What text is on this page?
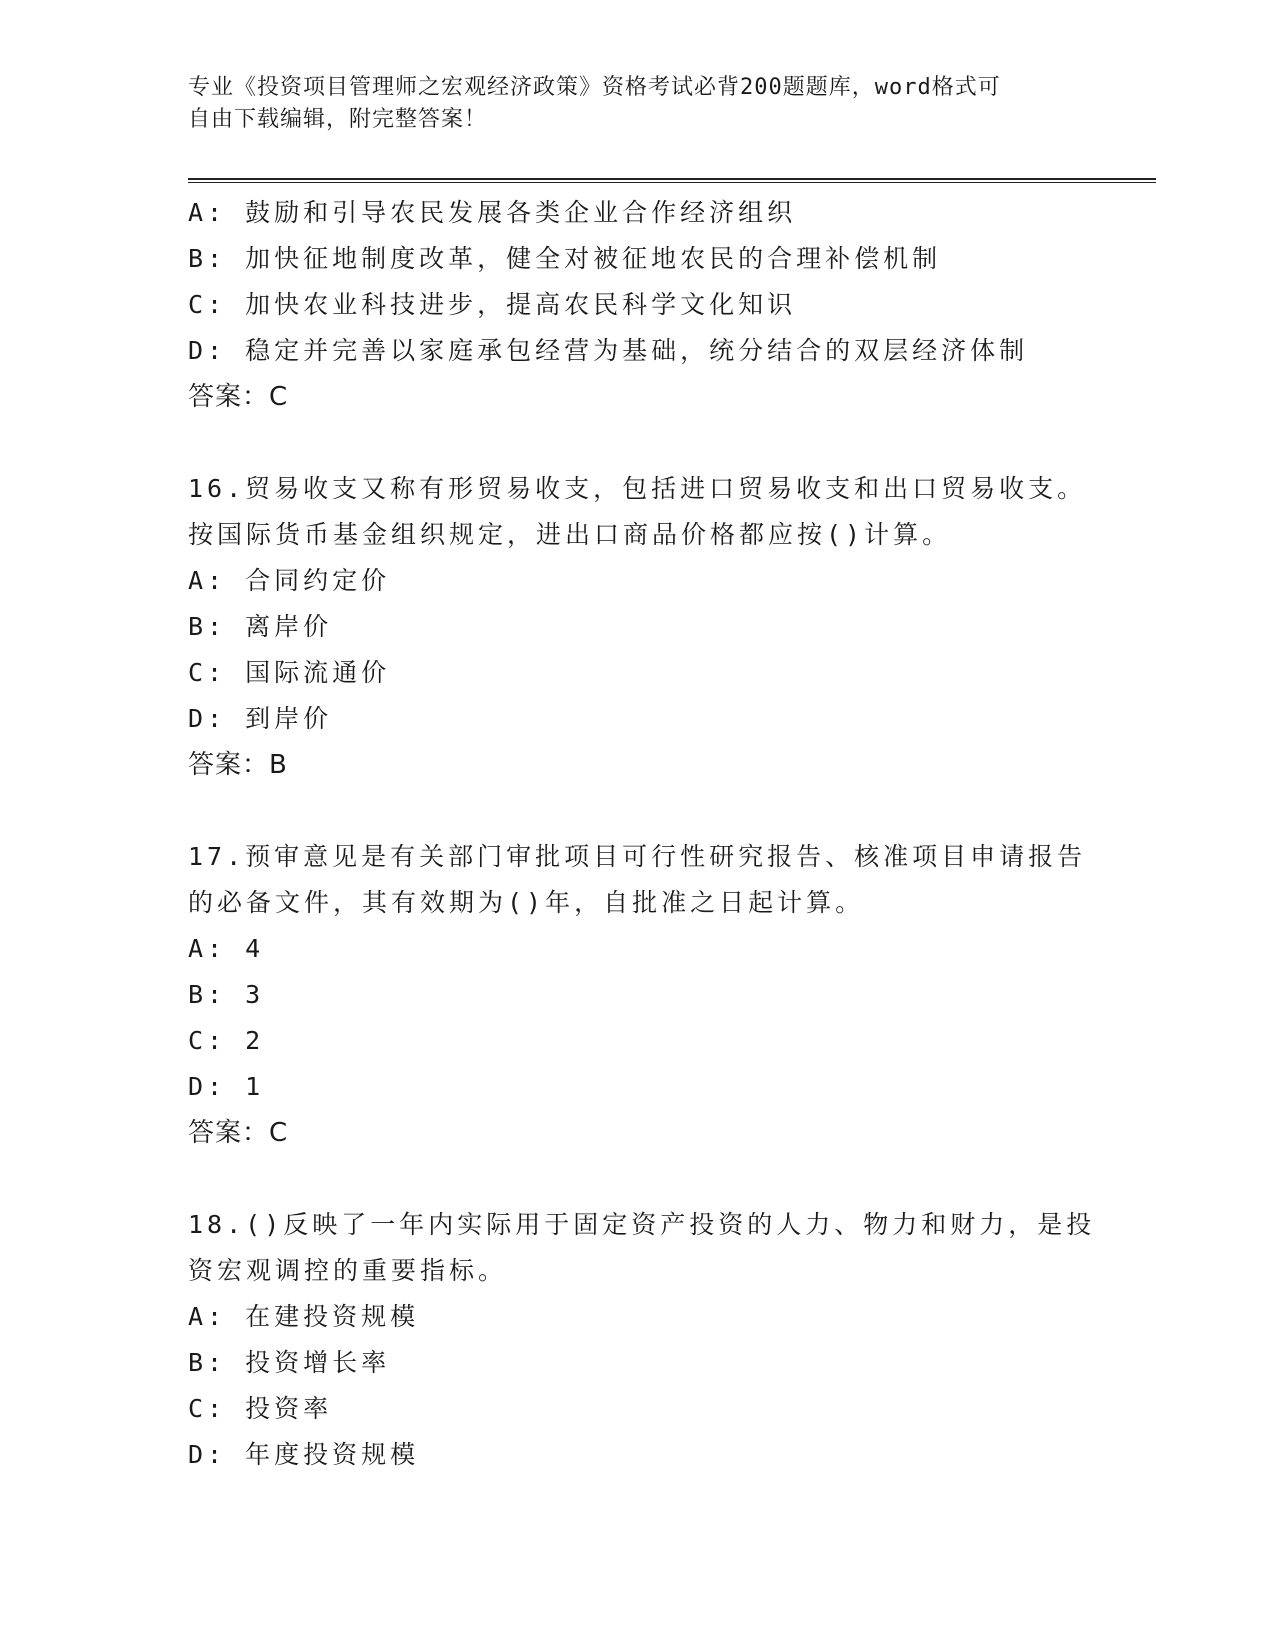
专业《投资项目管理师之宏观经济政策》资格考试必背200题题库，word格式可
自由下载编辑，附完整答案！
A: 鼓励和引导农民发展各类企业合作经济组织
B: 加快征地制度改革，健全对被征地农民的合理补偿机制
C: 加快农业科技进步，提高农民科学文化知识
D: 稳定并完善以家庭承包经营为基础，统分结合的双层经济体制
答案：C
16.贸易收支又称有形贸易收支，包括进口贸易收支和出口贸易收支。
按国际货币基金组织规定，进出口商品价格都应按()计算。
A: 合同约定价
B: 离岸价
C: 国际流通价
D: 到岸价
答案：B
17.预审意见是有关部门审批项目可行性研究报告、核准项目申请报告
的必备文件，其有效期为()年，自批准之日起计算。
A: 4
B: 3
C: 2
D: 1
答案：C
18.()反映了一年内实际用于固定资产投资的人力、物力和财力，是投
资宏观调控的重要指标。
A: 在建投资规模
B: 投资增长率
C: 投资率
D: 年度投资规模
